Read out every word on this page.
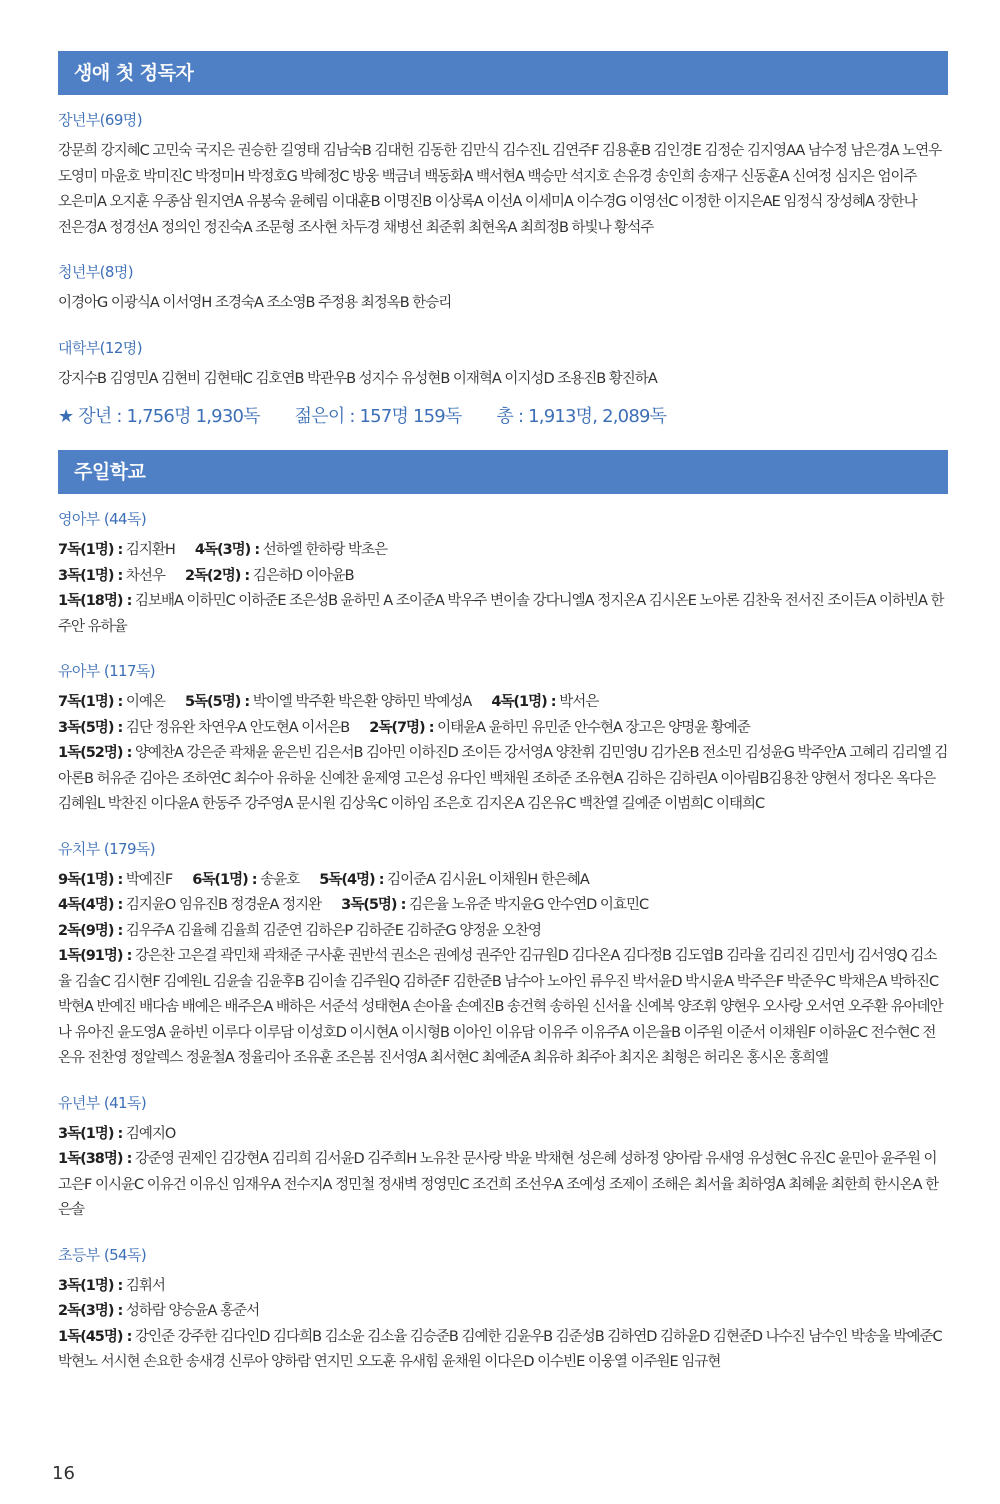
생애 첫 정독자
장년부(69명)

강문희 강지혜C 고민숙 국지은 권승한 길영태 김남숙B 김대헌 김동한 김만식 김수진L 김연주F 김용훈B 김인경E 김정순 김지영AA 남수정 남은경A 노연우 도영미 마윤호 박미진C 박정미H 박정호G 박혜정C 방웅 백금녀 백동화A 백서현A 백승만 석지호 손유경 송인희 송재구 신동훈A 신여정 심지은 엄이주 오은미A 오지훈 우종삼 원지연A 유봉숙 윤혜림 이대훈B 이명진B 이상록A 이선A 이세미A 이수경G 이영선C 이정한 이지은AE 임정식 장성혜A 장한나 전은경A 정경선A 정의인 정진숙A 조문형 조사현 차두경 채병선 최준휘 최현옥A 최희정B 하빛나 황석주

청년부(8명)

이경아G 이광식A 이서영H 조경숙A 조소영B 주정용 최정옥B 한승리

대학부(12명)

강지수B 김영민A 김현비 김현태C 김호연B 박관우B 성지수 유성현B 이재혁A 이지성D 조용진B 황진하A

★ 장년 : 1,756명 1,930독 젊은이 : 157명 159독 총 : 1,913명, 2,089독
주일학교
영아부 (44독)

7독(1명) : 김지환H 4독(3명) : 선하엘 한하랑 박초은

3독(1명) : 차선우 2독(2명) : 김은하D 이아윤B

1독(18명) : 김보배A 이하민C 이하준E 조은성B 윤하민 A 조이준A 박우주 변이솔 강다니엘A 정지온A 김시온E 노아론 김찬욱 전서진 조이든A 이하빈A 한주안 유하율

유아부 (117독)

7독(1명) : 이예온 5독(5명) : 박이엘 박주환 박은환 양하민 박예성A 4독(1명) : 박서은

3독(5명) : 김단 정유완 차연우A 안도현A 이서은B 2독(7명) : 이태윤A 윤하민 유민준 안수현A 장고은 양명윤 황예준

1독(52명) : 양예찬A 강은준 곽채윤 윤은빈 김은서B 김아민 이하진D 조이든 강서영A 양찬휘 김민영U 김가온B 전소민 김성윤G 박주안A 고혜리 김리엘 김아론B 허유준 김아은 조하연C 최수아 유하윤 신예찬 윤제영 고은성 유다인 백채원 조하준 조유현A 김하은 김하린A 이아림B김용찬 양현서 정다온 옥다은 김혜원L 박찬진 이다윤A 한동주 강주영A 문시원 김상욱C 이하임 조은호 김지온A 김온유C 백찬열 길예준 이범희C 이태희C

유치부 (179독)

9독(1명) : 박예진F 6독(1명) : 송윤호 5독(4명) : 김이준A 김시윤L 이채원H 한은혜A

4독(4명) : 김지윤O 임유진B 정경운A 정지완 3독(5명) : 김은율 노유준 박지윤G 안수연D 이효민C

2독(9명) : 김우주A 김율혜 김율희 김준연 김하은P 김하준E 김하준G 양정윤 오찬영

1독(91명) : 강은찬 고은결 곽민채 곽채준 구사훈 권반석 권소은 권예성 권주안 김규원D 김다온A 김다정B 김도엽B 김라율 김리진 김민서J 김서영Q 김소율 김솔C 김시현F 김예원L 김윤솔 김윤후B 김이솔 김주원Q 김하준F 김한준B 남수아 노아인 류우진 박서윤D 박시윤A 박주은F 박준우C 박채은A 박하진C 박현A 반예진 배다솜 배예은 배주은A 배하은 서준석 성태현A 손아율 손예진B 송건혁 송하원 신서율 신예복 양조휘 양현우 오사랑 오서연 오주환 유아데안나 유아진 윤도영A 윤하빈 이루다 이루담 이성호D 이시현A 이시형B 이아인 이유담 이유주 이유주A 이은율B 이주원 이준서 이채원F 이하윤C 전수현C 전온유 전찬영 정알렉스 정윤철A 정율리아 조유훈 조은봄 진서영A 최서현C 최예준A 최유하 최주아 최지온 최형은 허리온 홍시온 홍희엘

유년부 (41독)

3독(1명) : 김예지O

1독(38명) : 강준영 권제인 김강현A 김리희 김서윤D 김주희H 노유찬 문사랑 박윤 박채현 성은혜 성하정 양아람 유새영 유성현C 유진C 윤민아 윤주원 이고은F 이시윤C 이유건 이유신 임재우A 전수지A 정민철 정새벽 정영민C 조건희 조선우A 조예성 조제이 조해은 최서율 최하영A 최혜윤 최한희 한시온A 한은솔

초등부 (54독)

3독(1명) : 김휘서

2독(3명) : 성하람 양승윤A 홍준서

1독(45명) : 강인준 강주한 김다인D 김다희B 김소윤 김소율 김승준B 김예한 김윤우B 김준성B 김하연D 김하윤D 김현준D 나수진 남수인 박송울 박예준C 박현노 서시현 손요한 송새경 신루아 양하람 연지민 오도훈 유새힘 윤채원 이다은D 이수빈E 이웅열 이주원E 임규현

16
